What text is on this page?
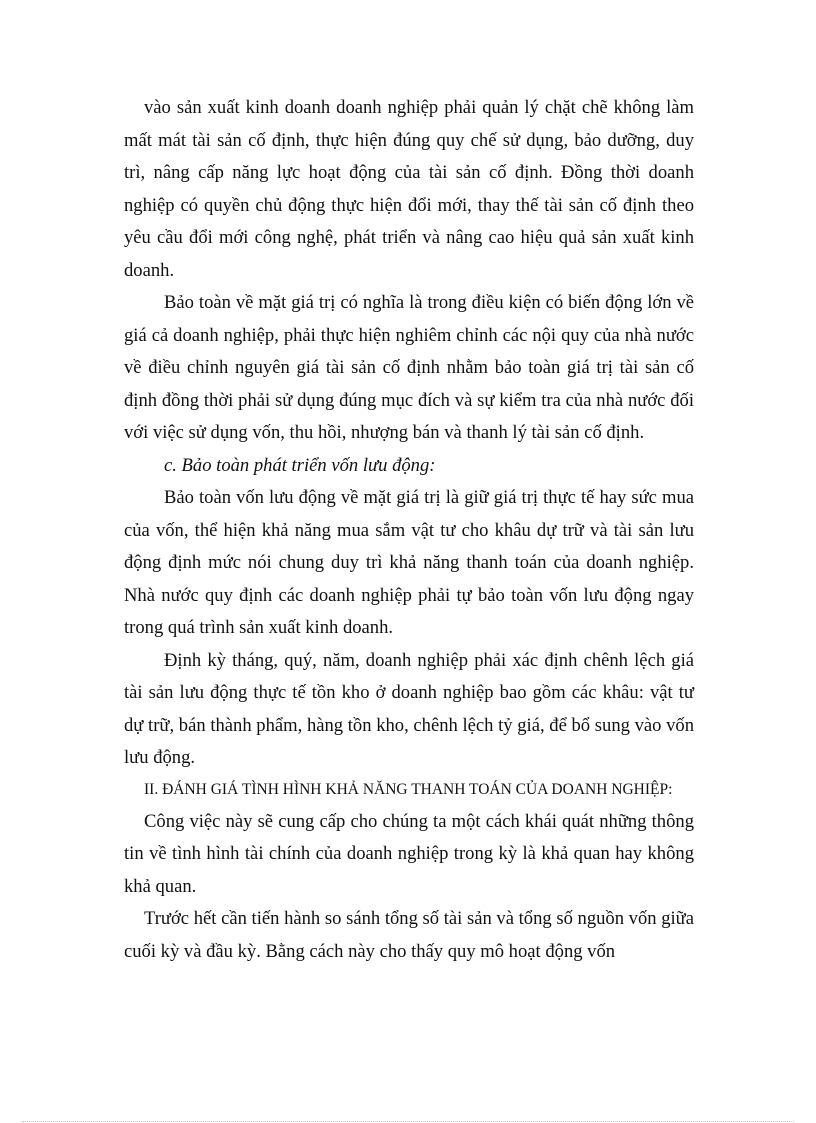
vào sản xuất kinh doanh doanh nghiệp phải quản lý chặt chẽ không làm mất mát tài sản cố định, thực hiện đúng quy chế sử dụng, bảo dưỡng, duy trì, nâng cấp năng lực hoạt động của tài sản cố định. Đồng thời doanh nghiệp có quyền chủ động thực hiện đổi mới, thay thế tài sản cố định theo yêu cầu đổi mới công nghệ, phát triển và nâng cao hiệu quả sản xuất kinh doanh.

Bảo toàn về mặt giá trị có nghĩa là trong điều kiện có biến động lớn về giá cả doanh nghiệp, phải thực hiện nghiêm chỉnh các nội quy của nhà nước về điều chỉnh nguyên giá tài sản cố định nhằm bảo toàn giá trị tài sản cố định đồng thời phải sử dụng đúng mục đích và sự kiểm tra của nhà nước đối với việc sử dụng vốn, thu hồi, nhượng bán và thanh lý tài sản cố định.

c. Bảo toàn phát triển vốn lưu động:

Bảo toàn vốn lưu động về mặt giá trị là giữ giá trị thực tế hay sức mua của vốn, thể hiện khả năng mua sắm vật tư cho khâu dự trữ và tài sản lưu động định mức nói chung duy trì khả năng thanh toán của doanh nghiệp. Nhà nước quy định các doanh nghiệp phải tự bảo toàn vốn lưu động ngay trong quá trình sản xuất kinh doanh.

Định kỳ tháng, quý, năm, doanh nghiệp phải xác định chênh lệch giá tài sản lưu động thực tế tồn kho ở doanh nghiệp bao gồm các khâu: vật tư dự trữ, bán thành phẩm, hàng tồn kho, chênh lệch tỷ giá, để bổ sung vào vốn lưu động.

II. ĐÁNH GIÁ TÌNH HÌNH KHẢ NĂNG THANH TOÁN CỦA DOANH NGHIỆP:

Công việc này sẽ cung cấp cho chúng ta một cách khái quát những thông tin về tình hình tài chính của doanh nghiệp trong kỳ là khả quan hay không khả quan.

Trước hết cần tiến hành so sánh tổng số tài sản và tổng số nguồn vốn giữa cuối kỳ và đầu kỳ. Bằng cách này cho thấy quy mô hoạt động vốn
